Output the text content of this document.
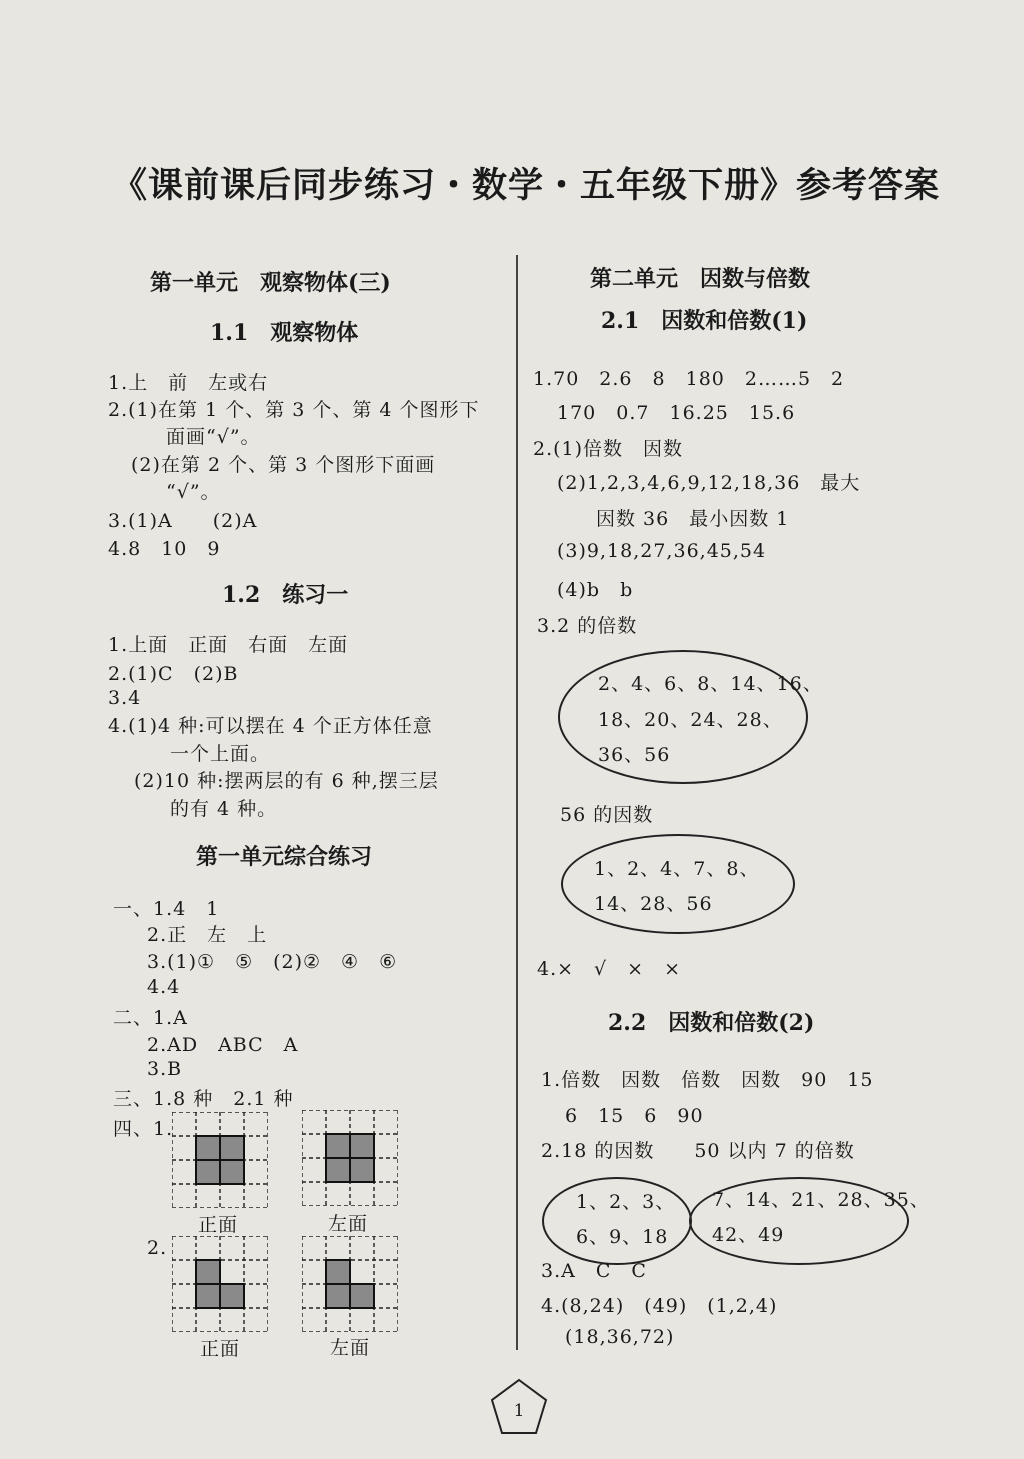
《课前课后同步练习・数学・五年级下册》参考答案
第一单元　观察物体(三)
1.1　观察物体
1.上　前　左或右
2.(1)在第 1 个、第 3 个、第 4 个图形下
面画“√”。
(2)在第 2 个、第 3 个图形下面画
“√”。
3.(1)A　　(2)A
4.8　10　9
1.2　练习一
1.上面　正面　右面　左面
2.(1)C　(2)B
3.4
4.(1)4 种:可以摆在 4 个正方体任意
一个上面。
(2)10 种:摆两层的有 6 种,摆三层
的有 4 种。
第一单元综合练习
一、1.4　1
2.正　左　上
3.(1)①　⑤　(2)②　④　⑥
4.4
二、1.A
2.AD　ABC　A
3.B
三、1.8 种　2.1 种
四、1.
2.
正面	左面
正面	左面
第二单元　因数与倍数
2.1　因数和倍数(1)
1.70　2.6　8　180　2……5　2
170　0.7　16.25　15.6
2.(1)倍数　因数
(2)1,2,3,4,6,9,12,18,36　最大
因数 36　最小因数 1
(3)9,18,27,36,45,54
(4)b　b
3.2 的倍数
2、4、6、8、14、16、
18、20、24、28、
36、56
56 的因数
1、2、4、7、8、
14、28、56
4.×　√　×　×
2.2　因数和倍数(2)
1.倍数　因数　倍数　因数　90　15
6　15　6　90
2.18 的因数　　50 以内 7 的倍数
1、2、3、
6、9、18
7、14、21、28、35、
42、49
3.A　C　C
4.(8,24)　(49)　(1,2,4)
(18,36,72)
1
